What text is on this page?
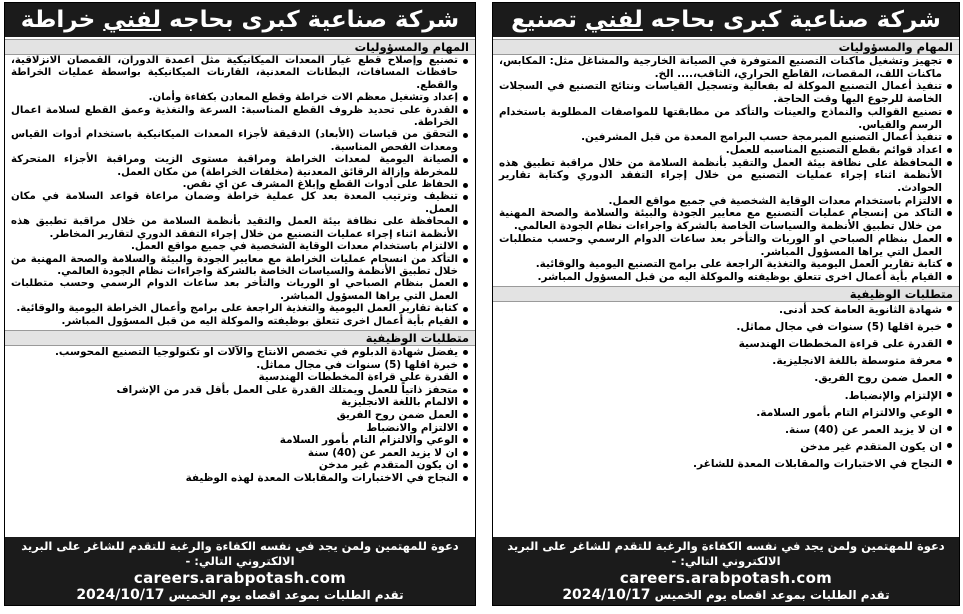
شركة صناعية كبرى بحاجه لفني خراطة
المهام والمسؤوليات
تصنيع وإصلاح قطع غيار المعدات الميكانيكية مثل اعمدة الدوران، القمصان الانزلاقية، حافظات المسافات، البطانات المعدنية، القارنات الميكانيكية بواسطة عمليات الخراطة والقطع.
إعداد وتشغيل معظم الات خراطة وقطع المعادن بكفاءة وأمان.
القدرة على تحديد ظروف القطع المناسبة: السرعة والتغذية وعمق القطع لسلامة اعمال الخراطة.
التحقق من قياسات (الأبعاد) الدقيقة لأجزاء المعدات الميكانيكية باستخدام أدوات القياس ومعدات الفحص المناسبة.
الصيانة اليومية لمعدات الخراطة ومراقبة مستوى الزيت ومراقبة الأجزاء المتحركة للمخرطة وإزالة الرقائق المعدنية (مخلفات الخراطة) من مكان العمل.
الحفاظ على أدوات القطع وإبلاغ المشرف عن اي نقص.
تنظيف وترتيب المعدة بعد كل عملية خراطة وضمان مراعاة قواعد السلامة في مكان العمل.
المحافظة على نظافة بيئة العمل والتقيد بأنظمة السلامة من خلال مراقبة تطبيق هذه الأنظمة اثناء إجراء عمليات التصنيع من خلال إجراء التفقد الدوري لتقارير المخاطر.
الالتزام باستخدام معدات الوقاية الشخصية في جميع مواقع العمل.
التأكد من انسجام عمليات الخراطة مع معايير الجودة والبيئة والسلامة والصحة المهنية من خلال تطبيق الأنظمة والسياسات الخاصة بالشركة واجراءات نظام الجودة العالمي.
العمل بنظام الصباحي او الوريات والتأخر بعد ساعات الدوام الرسمي وحسب متطلبات العمل التي يراها المسؤول المباشر.
كتابة تقارير العمل اليومية والتغذية الراجعة على برامج وأعمال الخراطة اليومية والوقائية.
القيام بأية أعمال اخرى تتعلق بوظيفته والموكلة اليه من قبل المسؤول المباشر.
متطلبات الوظيفية
يفضل شهادة الدبلوم في تخصص الانتاج والآلات او تكنولوجيا التصنيع المحوسب.
خبرة اقلها (5) سنوات في مجال مماثل.
القدرة على قراءة المخططات الهندسية
متحفز ذاتياً للعمل ويمتلك القدرة على العمل بأقل قدر من الإشراف
الالمام باللغة الانجليزية
العمل ضمن روح الفريق
الالتزام والانضباط
الوعي والالتزام التام بأمور السلامة
ان لا يزيد العمر عن (40) سنة
ان يكون المتقدم غير مدخن
النجاح في الاختبارات والمقابلات المعدة لهذه الوظيفة
دعوة للمهتمين ولمن يجد في نفسه الكفاءة والرغبة للتقدم للشاغر على البريد الالكتروني التالي: -
careers.arabpotash.com
تقدم الطلبات بموعد اقصاه يوم الخميس 2024/10/17
شركة صناعية كبرى بحاجه لفني تصنيع
المهام والمسؤوليات
تجهيز وتشغيل ماكنات التصنيع المتوفرة في الصيانة الخارجية والمشاغل مثل: المكابس، ماكنات اللف، المقصات، القاطع الحراري، الثاقب،.... الخ.
تنفيذ أعمال التصنيع الموكلة له بفعالية وتسجيل القياسات ونتائج التصنيع في السجلات الخاصة للرجوع اليها وقت الحاجة.
تصنيع القوالب والنماذج والعينات والتأكد من مطابقتها للمواصفات المطلوبة باستخدام الرسم والقياس.
تنفيذ أعمال التصنيع المبرمجة حسب البرامج المعدة من قبل المشرفين.
اعداد قوائم بقطع التصنيع المناسبه للعمل.
المحافظة على نظافة بيئة العمل والتقيد بأنظمة السلامة من خلال مراقبة تطبيق هذه الأنظمة اثناء إجراء عمليات التصنيع من خلال إجراء التفقد الدوري وكتابة تقارير الحوادث.
الالتزام باستخدام معدات الوقاية الشخصية في جميع مواقع العمل.
التاكد من إنسجام عمليات التصنيع مع معايير الجودة والبيئة والسلامة والصحة المهنية من خلال تطبيق الأنظمة والسياسات الخاصة بالشركة واجراءات نظام الجودة العالمي.
العمل بنظام الصباحي او الوريات والتأخر بعد ساعات الدوام الرسمي وحسب متطلبات العمل التي يراها المسؤول المباشر.
كتابة تقارير العمل اليومية والتغذية الراجعة على برامج التصنيع اليومية والوقائية.
القيام بأية أعمال اخرى تتعلق بوظيفته والموكلة اليه من قبل المسؤول المباشر.
متطلبات الوظيفية
شهادة الثانوية العامة كحد أدنى.
خبرة اقلها (5) سنوات في مجال مماثل.
القدرة على قراءة المخططات الهندسية
معرفة متوسطة باللغة الانجليزية.
العمل ضمن روح الفريق.
الإلتزام والإنضباط.
الوعي والالتزام التام بأمور السلامة.
ان لا يزيد العمر عن (40) سنة.
ان يكون المتقدم غير مدخن
النجاح في الاختبارات والمقابلات المعدة للشاغر.
دعوة للمهتمين ولمن يجد في نفسه الكفاءة والرغبة للتقدم للشاغر على البريد الالكتروني التالي: -
careers.arabpotash.com
تقدم الطلبات بموعد اقصاه يوم الخميس 2024/10/17
